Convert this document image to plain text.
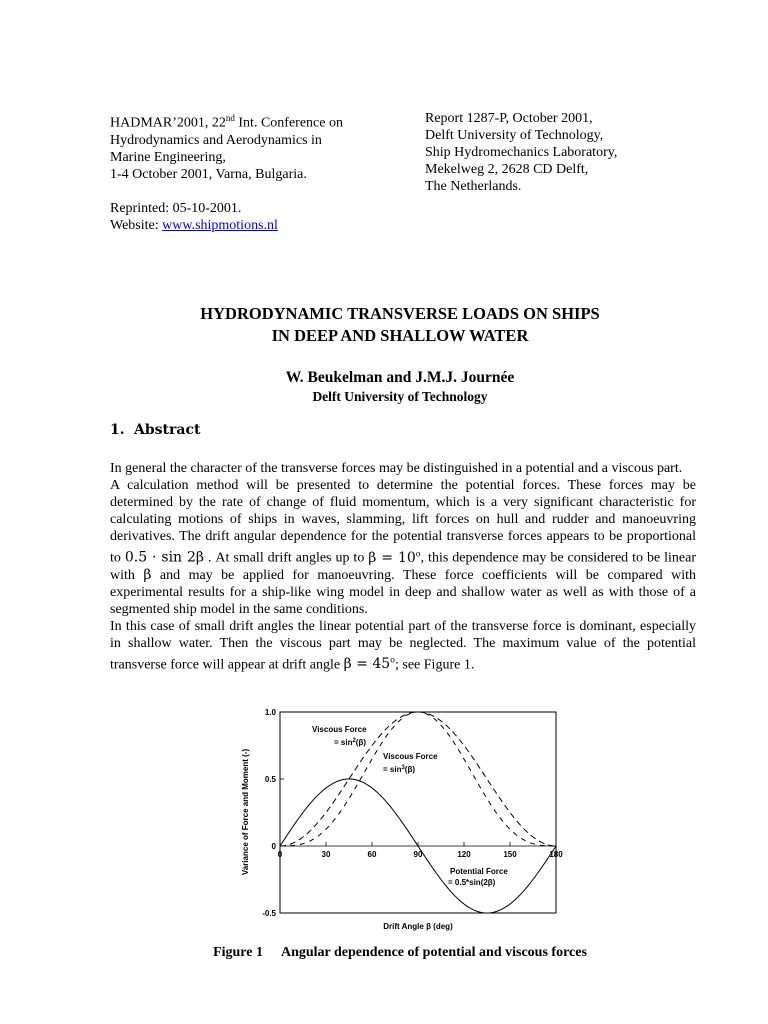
HADMAR’2001, 22nd Int. Conference on
Hydrodynamics and Aerodynamics in
Marine Engineering,
1-4 October 2001, Varna, Bulgaria.
Reprinted: 05-10-2001.
Website: www.shipmotions.nl
Report 1287-P, October 2001,
Delft University of Technology,
Ship Hydromechanics Laboratory,
Mekelweg 2, 2628 CD Delft,
The Netherlands.
HYDRODYNAMIC TRANSVERSE LOADS ON SHIPS
IN DEEP AND SHALLOW WATER
W. Beukelman and J.M.J. Journée
Delft University of Technology
1. Abstract

In general the character of the transverse forces may be distinguished in a potential and a viscous part.

A calculation method will be presented to determine the potential forces. These forces may be determined by the rate of change of fluid momentum, which is a very significant characteristic for calculating motions of ships in waves, slamming, lift forces on hull and rudder and manoeuvring derivatives. The drift angular dependence for the potential transverse forces appears to be proportional to 0.5 · sin 2β . At small drift angles up to $\beta = 10^o$, this dependence may be considered to be linear with β and may be applied for manoeuvring. These force coefficients will be compared with experimental results for a ship-like wing model in deep and shallow water as well as with those of a segmented ship model in the same conditions.

In this case of small drift angles the linear potential part of the transverse force is dominant, especially in shallow water. Then the viscous part may be neglected. The maximum value of the potential transverse force will appear at drift angle $\beta = 45^o$; see Figure 1.

1.0
0.5
0
-0.5
0	30	60	90	120	150	180
Viscous Force
= $\sin^2(\beta)$
Viscous Force
= $\sin^3(\beta)$
Potential Force
= 0.5*sin(2β)
Drift Angle β (deg)
Variance of Force and Moment (-)
Figure 1 Angular dependence of potential and viscous forces
